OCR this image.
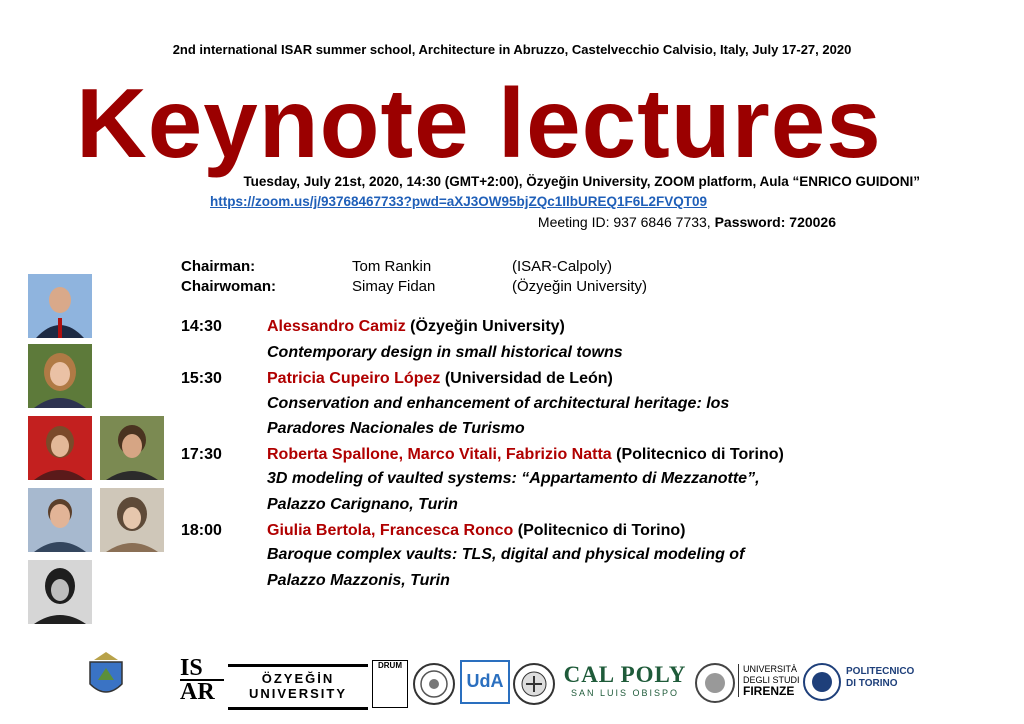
2nd international ISAR summer school, Architecture in Abruzzo, Castelvecchio Calvisio, Italy, July 17-27, 2020
Keynote lectures
Tuesday, July 21st, 2020, 14:30 (GMT+2:00), Özyeğin University, ZOOM platform, Aula “ENRICO GUIDONI”
https://zoom.us/j/93768467733?pwd=aXJ3OW95bjZQc1IlbUREQ1F6L2FVQT09
Meeting ID: 937 6846 7733, Password: 720026
Chairman:	Tom Rankin	(ISAR-Calpoly)
Chairwoman:	Simay Fidan	(Özyeğin University)
14:30	Alessandro Camiz (Özyeğin University)
Contemporary design in small historical towns
15:30	Patricia Cupeiro López (Universidad de León)
Conservation and enhancement of architectural heritage: los
Paradores Nacionales de Turismo
17:30	Roberta Spallone, Marco Vitali, Fabrizio Natta (Politecnico di Torino)
3D modeling of vaulted systems: “Appartamento di Mezzanotte”,
Palazzo Carignano, Turin
18:00	Giulia Bertola, Francesca Ronco (Politecnico di Torino)
Baroque complex vaults: TLS, digital and physical modeling of
Palazzo Mazzonis, Turin
IS
AR
ÖZYEĞİN
UNIVERSITY
DRUM
UdA	CAL POLY
SAN LUIS OBISPO
UNIVERSITÀ
DEGLI STUDI
FIRENZE
POLITECNICO
DI TORINO
